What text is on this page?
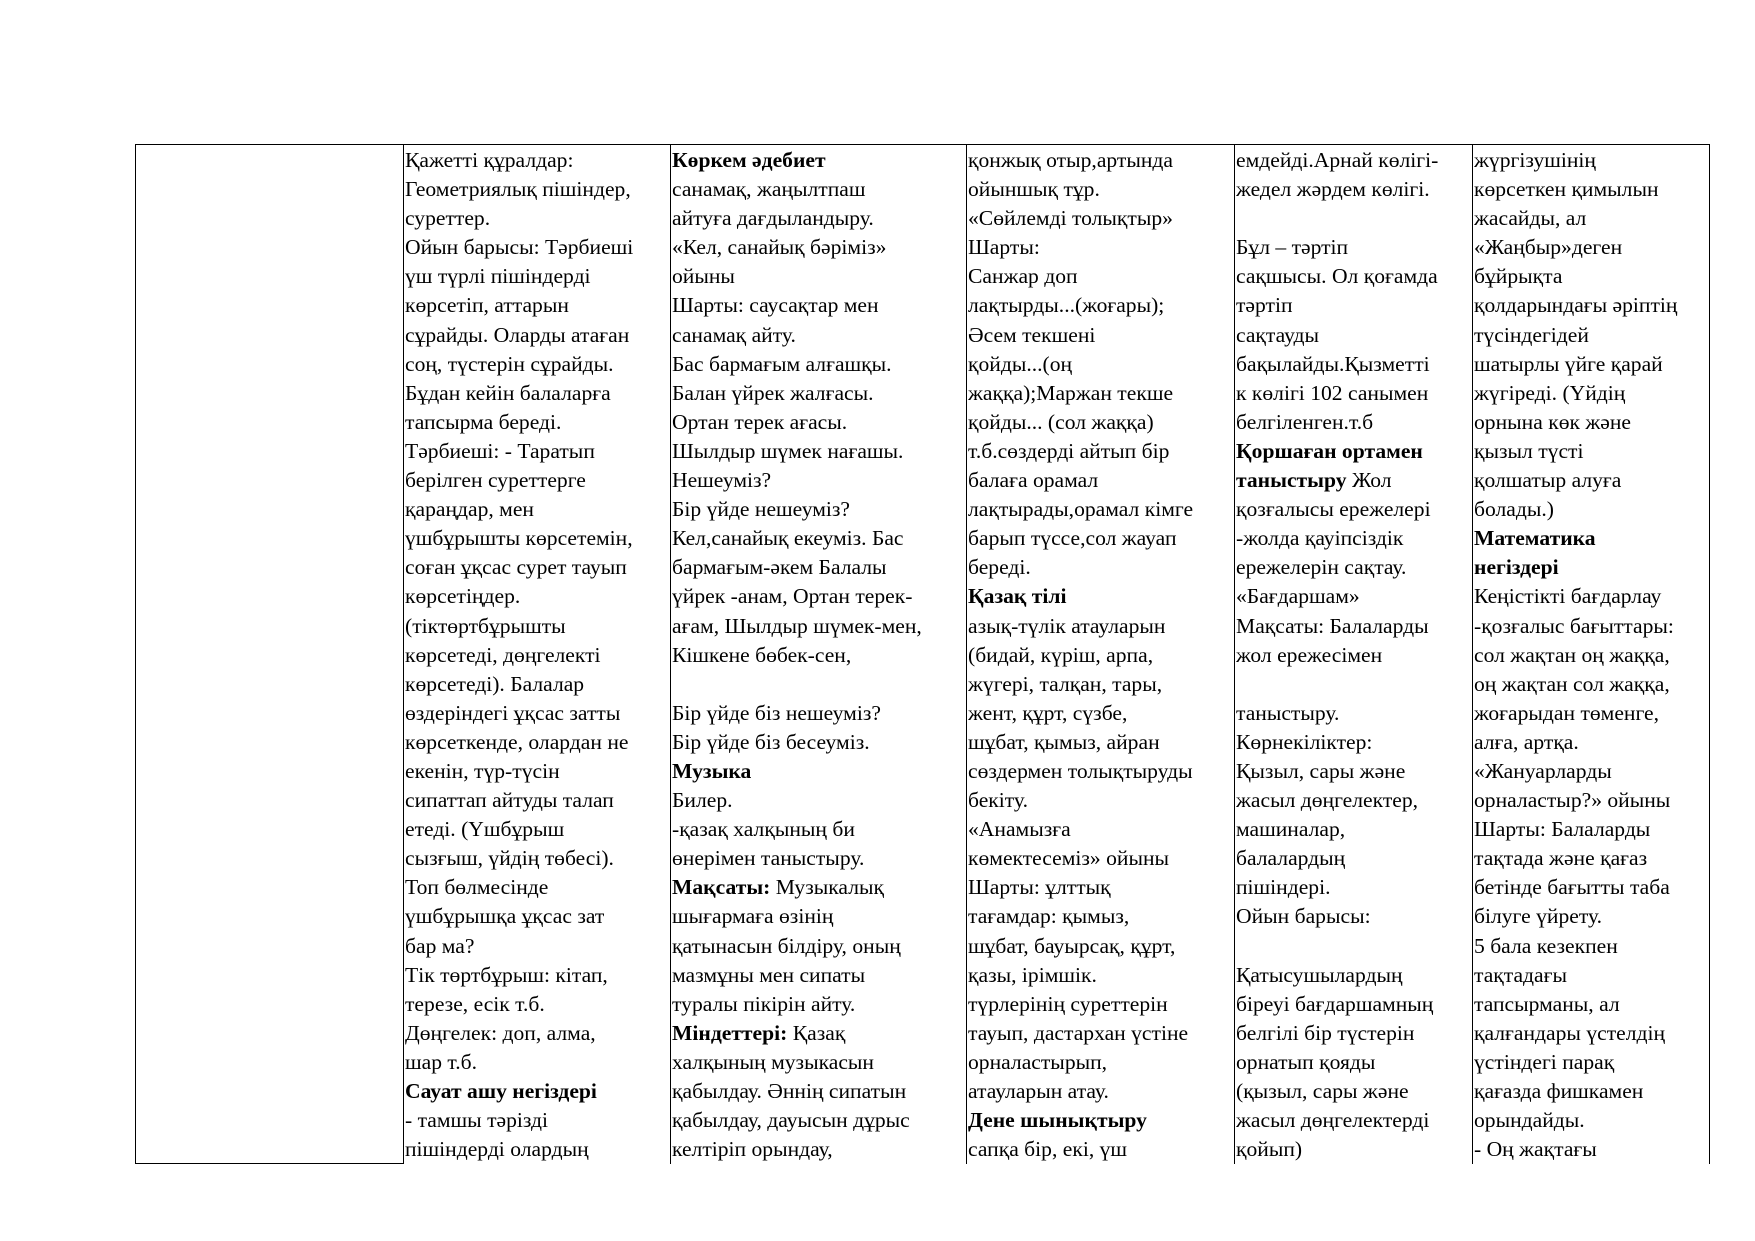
Қажетті құралдар:
Геометриялық пішіндер,
суреттер.
Ойын барысы: Тәрбиеші
үш түрлі пішіндерді
көрсетіп, аттарын
сұрайды. Оларды атаған
соң, түстерін сұрайды.
Бұдан кейін балаларға
тапсырма береді.
Тәрбиеші: - Таратып
берілген суреттерге
қараңдар, мен
үшбұрышты көрсетемін,
соған ұқсас сурет тауып
көрсетіңдер.
(тіктөртбұрышты
көрсетеді, дөңгелекті
көрсетеді). Балалар
өздеріндегі ұқсас затты
көрсеткенде, олардан не
екенін, түр-түсін
сипаттап айтуды талап
етеді. (Үшбұрыш
сызғыш, үйдің төбесі).
Топ бөлмесінде
үшбұрышқа ұқсас зат
бар ма?
Тік төртбұрыш: кітап,
терезе, есік т.б.
Дөңгелек: доп, алма,
шар т.б.
Сауат ашу негіздері
- тамшы тәрізді
пішіндерді олардың
Көркем әдебиет
санамақ, жаңылтпаш
айтуға дағдыландыру.
«Кел, санайық бәріміз»
ойыны
Шарты: саусақтар мен
санамақ айту.
Бас бармағым алғашқы.
Балан үйрек жалғасы.
Ортан терек ағасы.
Шылдыр шүмек нағашы.
Нешеуміз?
Бір үйде нешеуміз?
Кел,санайық екеуміз. Бас
бармағым-әкем Балалы
үйрек -анам, Ортан терек-
ағам, Шылдыр шүмек-мен,
Кішкене бөбек-сен,
Бір үйде біз нешеуміз?
Бір үйде біз бесеуміз.
Музыка
Билер.
-қазақ халқының би
өнерімен таныстыру.
Мақсаты: Музыкалық
шығармаға өзінің
қатынасын білдіру, оның
мазмұны мен сипаты
туралы пікірін айту.
Міндеттері: Қазақ
халқының музыкасын
қабылдау. Әннің сипатын
қабылдау, дауысын дұрыс
келтіріп орындау,
қонжық отыр,артында
ойыншық тұр.
«Сөйлемді толықтыр»
Шарты:
Санжар доп
лақтырды...(жоғары);
Әсем текшені
қойды...(оң
жаққа);Маржан текше
қойды... (сол жаққа)
т.б.сөздерді айтып бір
балаға орамал
лақтырады,орамал кімге
барып түссе,сол жауап
береді.
Қазақ тілі
азық-түлік атауларын
(бидай, күріш, арпа,
жүгері, талқан, тары,
жент, құрт, сүзбе,
шұбат, қымыз, айран
сөздермен толықтыруды
бекіту.
«Анамызға
көмектесеміз» ойыны
Шарты: ұлттық
тағамдар: қымыз,
шұбат, бауырсақ, құрт,
қазы, ірімшік.
түрлерінің суреттерін
тауып, дастархан үстіне
орналастырып,
атауларын атау.
Дене шынықтыру
сапқа бір, екі, үш
емдейді.Арнай көлігі-
жедел жәрдем көлігі.
Бұл – тәртіп
сақшысы. Ол қоғамда
тәртіп
сақтауды
бақылайды.Қызметті
к көлігі 102 санымен
белгіленген.т.б
Қоршаған ортамен
таныстыру Жол
қозғалысы ережелері
-жолда қауіпсіздік
ережелерін сақтау.
«Бағдаршам»
Мақсаты: Балаларды
жол ережесімен
таныстыру.
Көрнекіліктер:
Қызыл, сары және
жасыл дөңгелектер,
машиналар,
балалардың
пішіндері.
Ойын барысы:
Қатысушылардың
біреуі бағдаршамның
белгілі бір түстерін
орнатып қояды
(қызыл, сары және
жасыл дөңгелектерді
қойып)
жүргізушінің
көрсеткен қимылын
жасайды, ал
«Жаңбыр»деген
бұйрықта
қолдарындағы әріптің
түсіндегідей
шатырлы үйге қарай
жүгіреді. (Үйдің
орнына көк және
қызыл түсті
қолшатыр алуға
болады.)
Математика
негіздері
Кеңістікті бағдарлау
-қозғалыс бағыттары:
сол жақтан оң жаққа,
оң жақтан сол жаққа,
жоғарыдан төменге,
алға, артқа.
«Жануарларды
орналастыр?» ойыны
Шарты: Балаларды
тақтада және қағаз
бетінде бағытты таба
білуге үйрету.
5 бала кезекпен
тақтадағы
тапсырманы, ал
қалғандары үстелдің
үстіндегі парақ
қағазда фишкамен
орындайды.
- Оң жақтағы
